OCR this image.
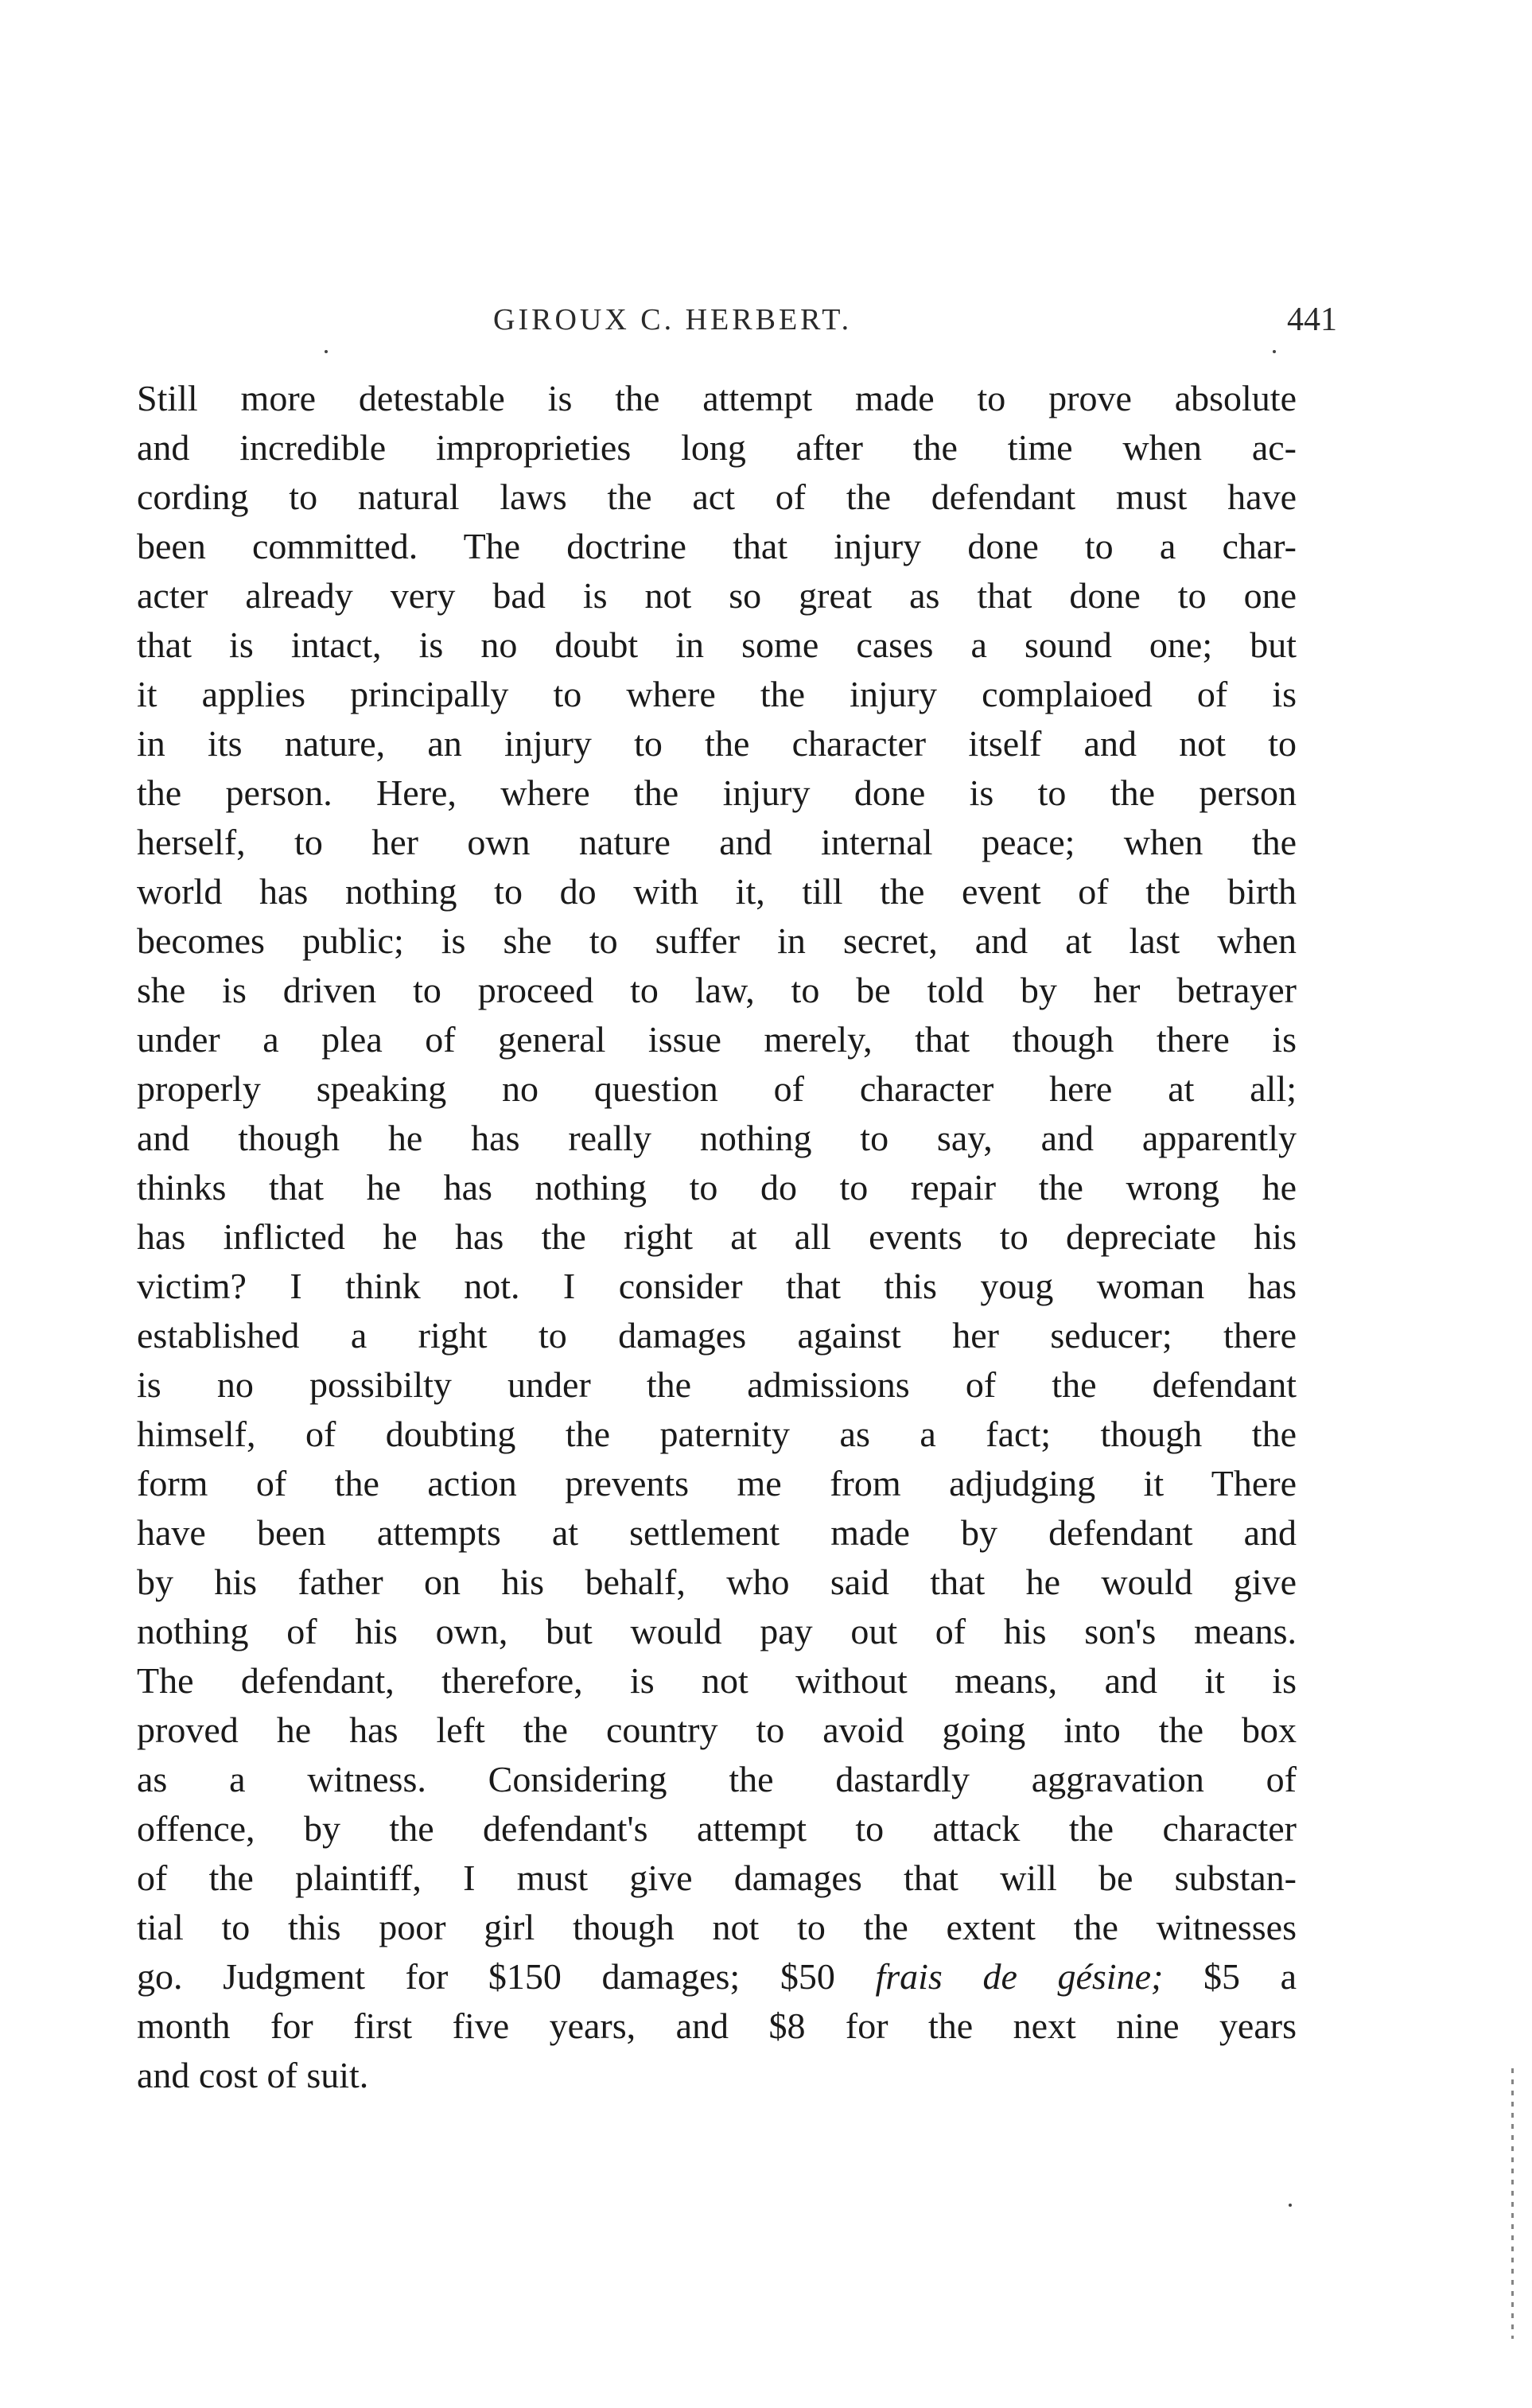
GIROUX C. HERBERT.	441
Still more detestable is the attempt made to prove absolute
and incredible improprieties long after the time when ac-
cording to natural laws the act of the defendant must have
been committed. The doctrine that injury done to a char-
acter already very bad is not so great as that done to one
that is intact, is no doubt in some cases a sound one; but
it applies principally to where the injury complaioed of is
in its nature, an injury to the character itself and not to
the person. Here, where the injury done is to the person
herself, to her own nature and internal peace; when the
world has nothing to do with it, till the event of the birth
becomes public; is she to suffer in secret, and at last when
she is driven to proceed to law, to be told by her betrayer
under a plea of general issue merely, that though there is
properly speaking no question of character here at all;
and though he has really nothing to say, and apparently
thinks that he has nothing to do to repair the wrong he
has inflicted he has the right at all events to depreciate his
victim? I think not. I consider that this youg woman has
established a right to damages against her seducer; there
is no possibilty under the admissions of the defendant
himself, of doubting the paternity as a fact; though the
form of the action prevents me from adjudging it There
have been attempts at settlement made by defendant and
by his father on his behalf, who said that he would give
nothing of his own, but would pay out of his son's means.
The defendant, therefore, is not without means, and it is
proved he has left the country to avoid going into the box
as a witness. Considering the dastardly aggravation of
offence, by the defendant's attempt to attack the character
of the plaintiff, I must give damages that will be substan-
tial to this poor girl though not to the extent the witnesses
go. Judgment for $150 damages; $50 frais de gésine; $5 a
month for first five years, and $8 for the next nine years
and cost of suit.
